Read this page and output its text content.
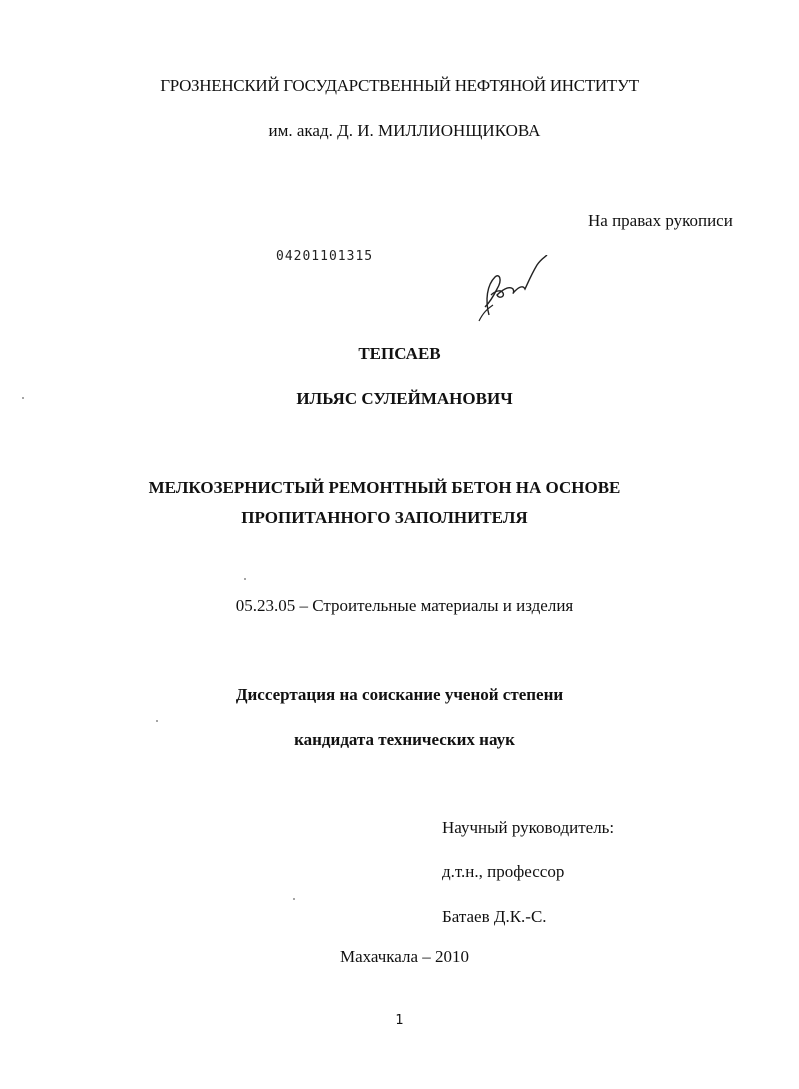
ГРОЗНЕНСКИЙ ГОСУДАРСТВЕННЫЙ НЕФТЯНОЙ ИНСТИТУТ
им. акад. Д. И. МИЛЛИОНЩИКОВА
На правах рукописи
04201101315
ТЕПСАЕВ
ИЛЬЯС СУЛЕЙМАНОВИЧ
МЕЛКОЗЕРНИСТЫЙ РЕМОНТНЫЙ БЕТОН НА ОСНОВЕ
ПРОПИТАННОГО ЗАПОЛНИТЕЛЯ
05.23.05 – Строительные материалы и изделия
Диссертация на соискание ученой степени
кандидата технических наук
Научный руководитель:
д.т.н., профессор
Батаев Д.К.-С.
Махачкала – 2010
1
